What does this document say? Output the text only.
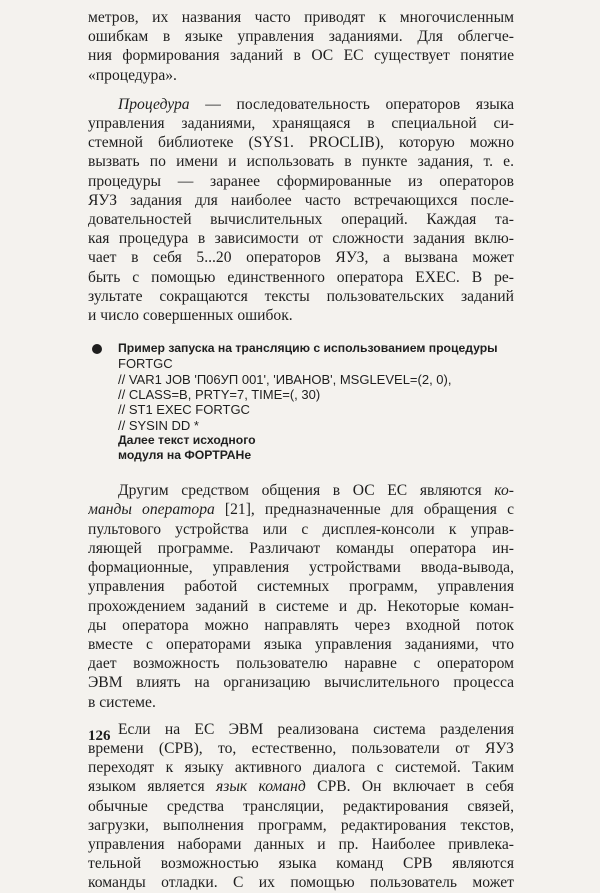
метров, их названия часто приводят к многочисленным
ошибкам в языке управления заданиями. Для облегче-
ния формирования заданий в ОС ЕС существует понятие
«процедура».

Процедура — последовательность операторов языка
управления заданиями, хранящаяся в специальной си-
стемной библиотеке (SYS1. PROCLIB), которую можно
вызвать по имени и использовать в пункте задания, т. е.
процедуры — заранее сформированные из операторов
ЯУЗ задания для наиболее часто встречающихся после-
довательностей вычислительных операций. Каждая та-
кая процедура в зависимости от сложности задания вклю-
чает в себя 5...20 операторов ЯУЗ, а вызвана может
быть с помощью единственного оператора EXEC. В ре-
зультате сокращаются тексты пользовательских заданий
и число совершенных ошибок.

Пример запуска на трансляцию с использованием процедуры

FORTGC

// VAR1 JOB 'П06УП 001', 'ИВАНОВ', MSGLEVEL=(2, 0),

// CLASS=B, PRTY=7, TIME=(, 30)

// ST1 EXEC FORTGC

// SYSIN DD *

Далее текст исходного

модуля на ФОРТРАНе

Другим средством общения в ОС ЕС являются ко-
манды оператора [21], предназначенные для обращения с
пультового устройства или с дисплея-консоли к управ-
ляющей программе. Различают команды оператора ин-
формационные, управления устройствами ввода-вывода,
управления работой системных программ, управления
прохождением заданий в системе и др. Некоторые коман-
ды оператора можно направлять через входной поток
вместе с операторами языка управления заданиями, что
дает возможность пользователю наравне с оператором
ЭВМ влиять на организацию вычислительного процесса
в системе.

Если на ЕС ЭВМ реализована система разделения
времени (СРВ), то, естественно, пользователи от ЯУЗ
переходят к языку активного диалога с системой. Таким
языком является язык команд СРВ. Он включает в себя
обычные средства трансляции, редактирования связей,
загрузки, выполнения программ, редактирования текстов,
управления наборами данных и пр. Наиболее привлека-
тельной возможностью языка команд СРВ являются
команды отладки. С их помощью пользователь может

126
